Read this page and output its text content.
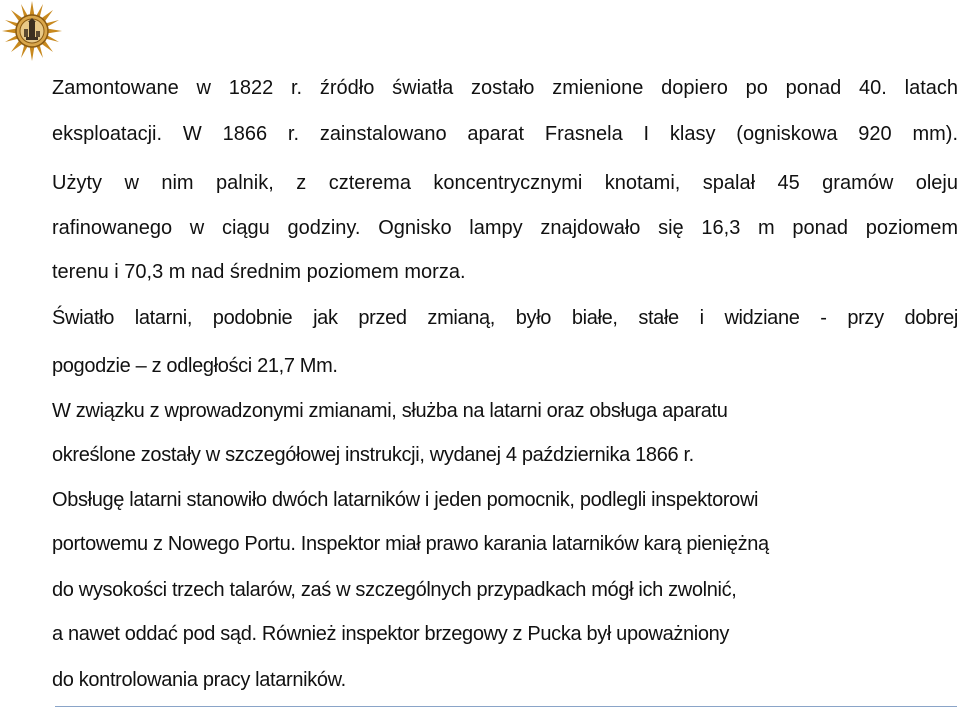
Zamontowane w 1822 r. źródło światła zostało zmienione dopiero po ponad 40. latach
eksploatacji. W 1866 r. zainstalowano aparat Frasnela I klasy (ogniskowa 920 mm).
Użyty w nim palnik, z czterema koncentrycznymi knotami, spalał 45 gramów oleju
rafinowanego w ciągu godziny. Ognisko lampy znajdowało się 16,3 m ponad poziomem
terenu i 70,3 m nad średnim poziomem morza.
Światło latarni, podobnie jak przed zmianą, było białe, stałe i widziane - przy dobrej
pogodzie – z odległości 21,7 Mm.
W związku z wprowadzonymi zmianami, służba na latarni oraz obsługa aparatu
określone zostały w szczegółowej instrukcji, wydanej 4 października 1866 r.
Obsługę latarni stanowiło dwóch latarników i jeden pomocnik, podlegli inspektorowi
portowemu z Nowego Portu. Inspektor miał prawo karania latarników karą pieniężną
do wysokości trzech talarów, zaś w szczególnych przypadkach mógł ich zwolnić,
a nawet oddać pod sąd. Również inspektor brzegowy z Pucka był upoważniony
do kontrolowania pracy latarników.
